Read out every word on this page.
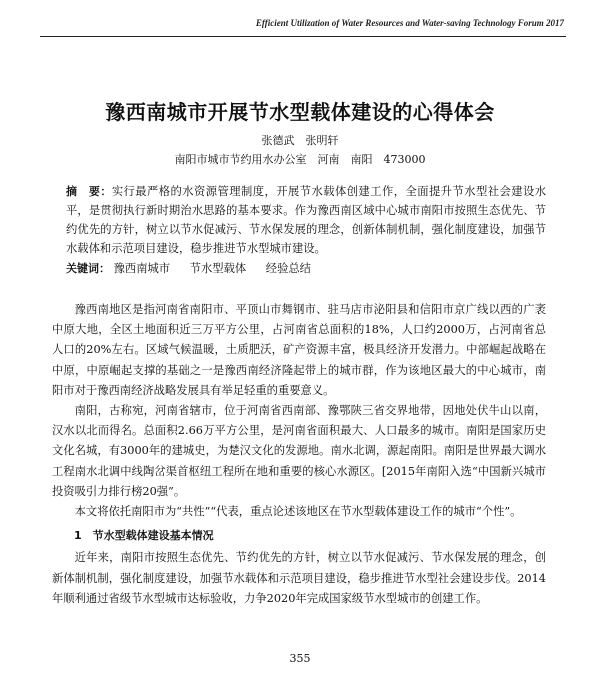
Efficient Utilization of Water Resources and Water-saving Technology Forum 2017
豫西南城市开展节水型载体建设的心得体会
张德武　张明轩
南阳市城市节约用水办公室　河南　南阳　473000
摘　要：实行最严格的水资源管理制度，开展节水载体创建工作，全面提升节水型社会建设水平，是贯彻执行新时期治水思路的基本要求。作为豫西南区域中心城市南阳市按照生态优先、节约优先的方针，树立以节水促减污、节水保发展的理念，创新体制机制，强化制度建设，加强节水载体和示范项目建设，稳步推进节水型城市建设。
关键词： 豫西南城市 节水型载体 经验总结

豫西南地区是指河南省南阳市、平顶山市舞钢市、驻马店市泌阳县和信阳市京广线以西的广袤中原大地，全区土地面积近三万平方公里，占河南省总面积的18%，人口约2000万，占河南省总人口的20%左右。区域气候温暖，土质肥沃，矿产资源丰富，极具经济开发潜力。中部崛起战略在中原，中原崛起支撑的基础之一是豫西南经济隆起带上的城市群，作为该地区最大的中心城市，南阳市对于豫西南经济战略发展具有举足轻重的重要意义。

南阳，古称宛，河南省辖市，位于河南省西南部、豫鄂陕三省交界地带，因地处伏牛山以南，汉水以北而得名。总面积2.66万平方公里，是河南省面积最大、人口最多的城市。南阳是国家历史文化名城，有3000年的建城史，为楚汉文化的发源地。南水北调，源起南阳。南阳是世界最大调水工程南水北调中线陶岔渠首枢纽工程所在地和重要的核心水源区。[2015年南阳入选“中国新兴城市投资吸引力排行榜20强”。

本文将依托南阳市为“共性”“代表，重点论述该地区在节水型载体建设工作的城市“个性”。

1　节水型载体建设基本情况

近年来，南阳市按照生态优先、节约优先的方针，树立以节水促减污、节水保发展的理念，创新体制机制，强化制度建设，加强节水载体和示范项目建设，稳步推进节水型社会建设步伐。2014年顺利通过省级节水型城市达标验收，力争2020年完成国家级节水型城市的创建工作。

355
